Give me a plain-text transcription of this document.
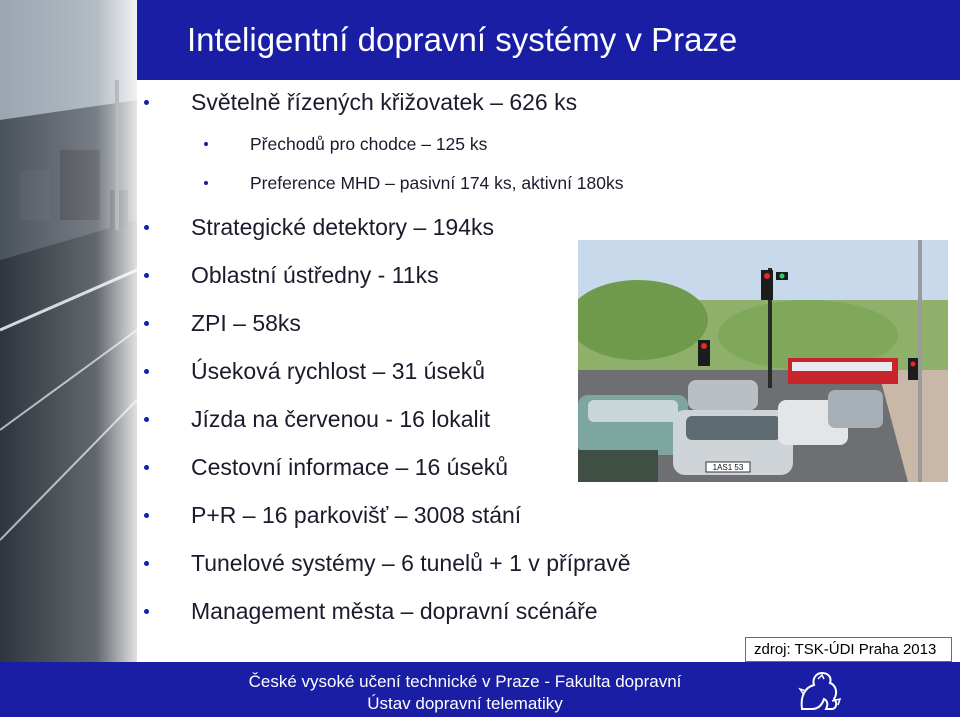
Inteligentní dopravní systémy v Praze
Světelně řízených křižovatek – 626 ks
Přechodů pro chodce – 125 ks
Preference MHD – pasivní 174 ks, aktivní 180ks
Strategické detektory – 194ks
Oblastní ústředny - 11ks
ZPI – 58ks
Úseková rychlost – 31 úseků
Jízda na červenou - 16 lokalit
Cestovní informace – 16 úseků
P+R – 16 parkovišť – 3008 stání
Tunelové systémy – 6 tunelů + 1 v přípravě
Management města – dopravní scénáře
1AS1 53
zdroj: TSK-ÚDI Praha 2013
České vysoké učení technické v Praze - Fakulta dopravní
Ústav dopravní telematiky
